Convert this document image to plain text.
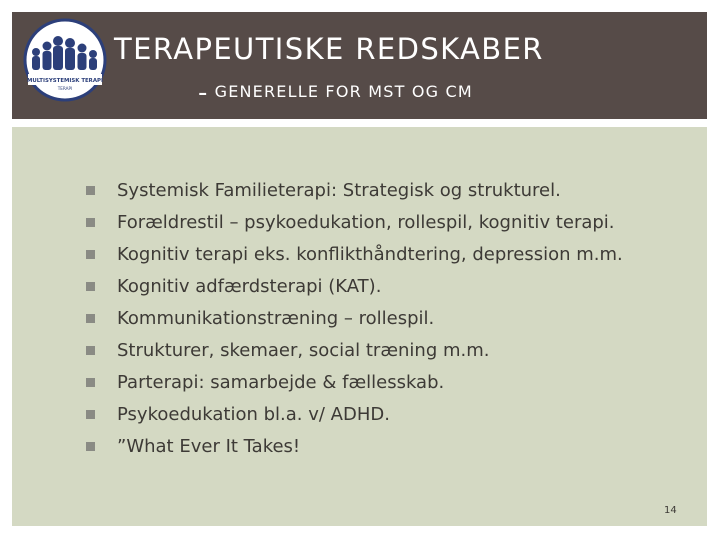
MULTISYSTEMISK TERAPI
TERAPI
TERAPEUTISKE REDSKABER
- GENERELLE FOR MST OG CM
Systemisk Familieterapi: Strategisk og strukturel.
Forældrestil – psykoedukation, rollespil, kognitiv terapi.
Kognitiv terapi eks. konflikthåndtering, depression m.m.
Kognitiv adfærdsterapi (KAT).
Kommunikationstræning – rollespil.
Strukturer, skemaer, social træning m.m.
Parterapi: samarbejde & fællesskab.
Psykoedukation bl.a. v/ ADHD.
”What Ever It Takes!
14
